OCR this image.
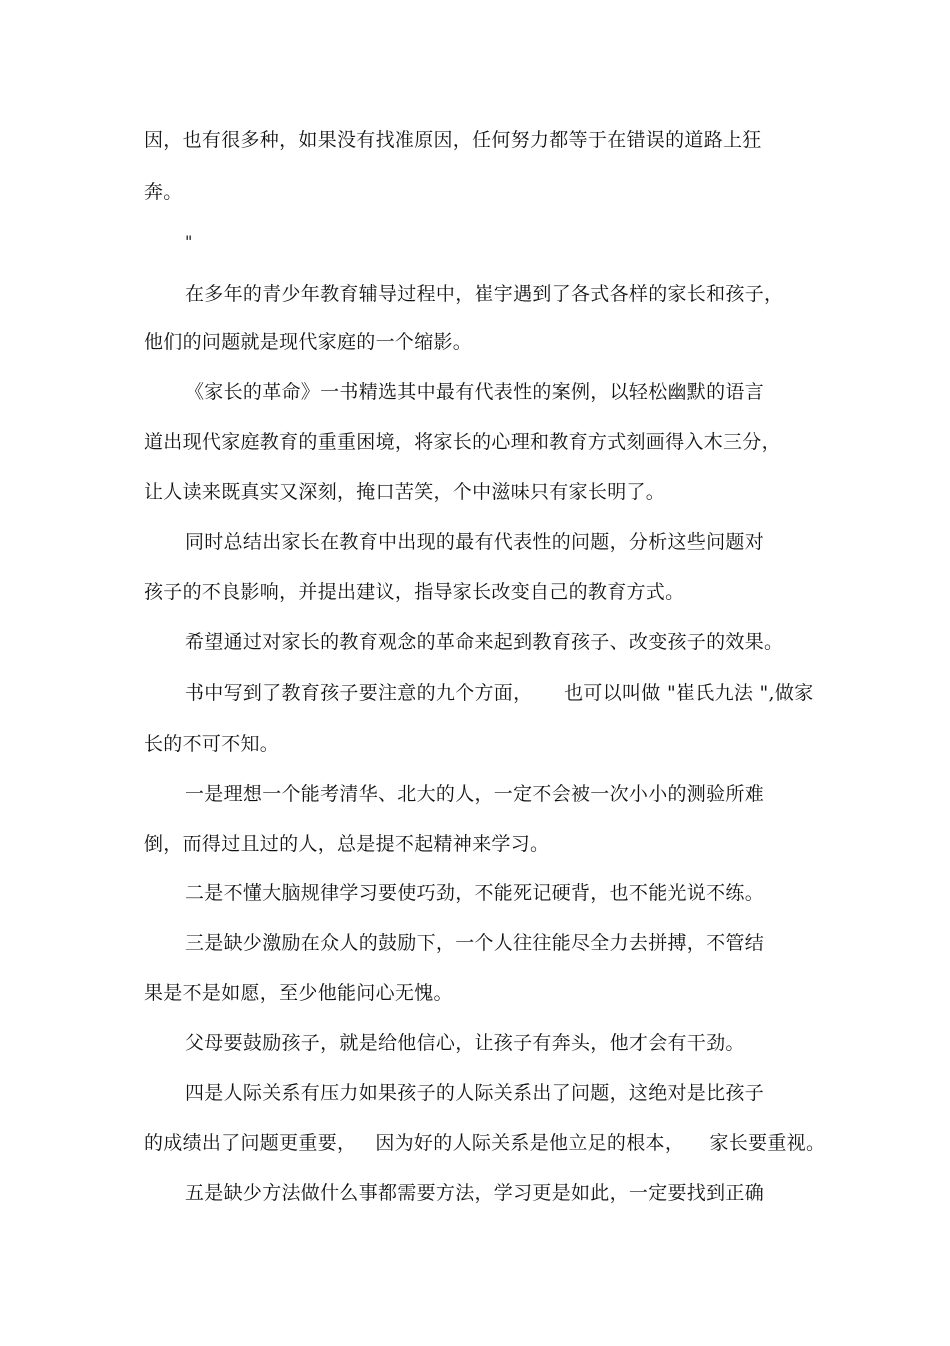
因，也有很多种，如果没有找准原因，任何努力都等于在错误的道路上狂
奔。
"
在多年的青少年教育辅导过程中，崔宇遇到了各式各样的家长和孩子，
他们的问题就是现代家庭的一个缩影。
《家长的革命》一书精选其中最有代表性的案例，以轻松幽默的语言
道出现代家庭教育的重重困境，将家长的心理和教育方式刻画得入木三分，
让人读来既真实又深刻，掩口苦笑，个中滋味只有家长明了。
同时总结出家长在教育中出现的最有代表性的问题，分析这些问题对
孩子的不良影响，并提出建议，指导家长改变自己的教育方式。
希望通过对家长的教育观念的革命来起到教育孩子、改变孩子的效果。
书中写到了教育孩子要注意的九个方面，     也可以叫做 "崔氏九法 ",做家
长的不可不知。
一是理想一个能考清华、北大的人，一定不会被一次小小的测验所难
倒，而得过且过的人，总是提不起精神来学习。
二是不懂大脑规律学习要使巧劲，不能死记硬背，也不能光说不练。
三是缺少激励在众人的鼓励下，一个人往往能尽全力去拼搏，不管结
果是不是如愿，至少他能问心无愧。
父母要鼓励孩子，就是给他信心，让孩子有奔头，他才会有干劲。
四是人际关系有压力如果孩子的人际关系出了问题，这绝对是比孩子
的成绩出了问题更重要，   因为好的人际关系是他立足的根本，    家长要重视。
五是缺少方法做什么事都需要方法，学习更是如此，一定要找到正确
